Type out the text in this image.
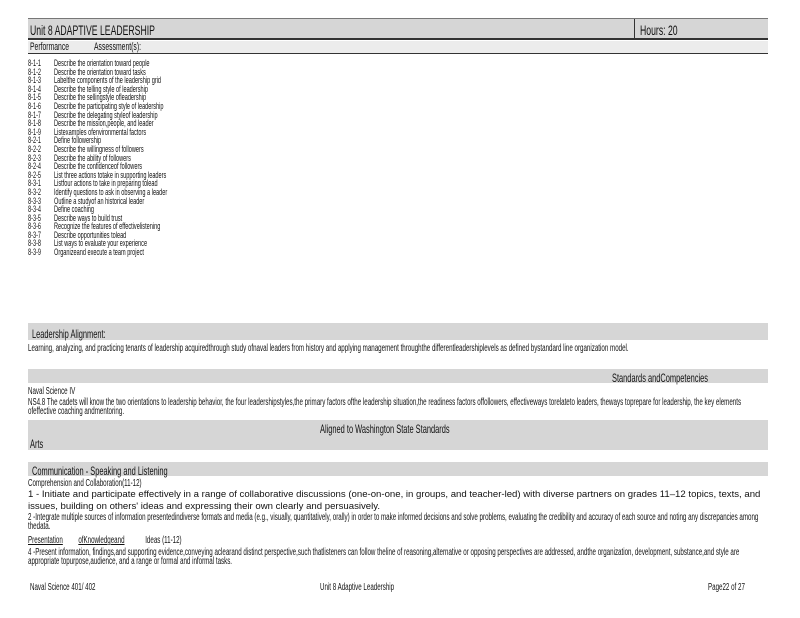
Unit 8 ADAPTIVE LEADERSHIP	Hours: 20
Performance Assessment(s):
8-1-1 Describe the orientation toward people
8-1-2 Describe the orientation toward tasks
8-1-3 Labelthe components of the leadership grid
8-1-4 Describe the telling style of leadership
8-1-5 Describe the sellingstyle ofleadership
8-1-6 Describe the participating style of leadership
8-1-7 Describe the delegating styleof leadership
8-1-8 Describe the mission,people, and leader
8-1-9 Listexamples ofenvironmental factors
8-2-1 Define followership
8-2-2 Describe the willingness of followers
8-2-3 Describe the ability of followers
8-2-4 Describe the confidenceof followers
8-2-5 List three actions totake in supporting leaders
8-3-1 Listfour actions to take in preparing tolead
8-3-2 Identify questions to ask in observing a leader
8-3-3 Outline a studyof an historical leader
8-3-4 Define coaching
8-3-5 Describe ways to build trust
8-3-6 Recognize the features of effectivelistening
8-3-7 Describe opportunities tolead
8-3-8 List ways to evaluate your experience
8-3-9 Organizeand execute a team project
Leadership Alignment:
Learning, analyzing, and practicing tenants of leadership acquiredthrough study ofnaval leaders from history and applying management throughthe differentleadershiplevels as defined bystandard line organization model.
Standards andCompetencies
Naval Science IV
NS4.8 The cadets will know the two orientations to leadership behavior, the four leadershipstyles,the primary factors ofthe leadership situation,the readiness factors offollowers, effectiveways torelateto leaders, theways toprepare for leadership, the key elements ofeffective coaching andmentoring.
Aligned to Washington State Standards
Arts
Communication - Speaking and Listening
Comprehension and Collaboration(11-12)
1 - Initiate and participate effectively in a range of collaborative discussions (one-on-one, in groups, and teacher-led) with diverse partners on grades 11–12 topics, texts, and issues, building on others' ideas and expressing their own clearly and persuasively.
2 -Integrate multiple sources of information presentedindiverse formats and media (e.g., visually, quantitatively, orally) in order to make informed decisions and solve problems, evaluating the credibility and accuracy of each source and noting any discrepancies among thedata.
Presentation ofKnowledgeand Ideas (11-12)
4 -Present information, findings,and supporting evidence,conveying aclearand distinct perspective,such thatlisteners can follow theline of reasoning,alternative or opposing perspectives are addressed, andthe organization, development, substance,and style are appropriate topurpose,audience, and a range or formal and informal tasks.
Naval Science 401/ 402	Unit 8 Adaptive Leadership	Page22 of 27
